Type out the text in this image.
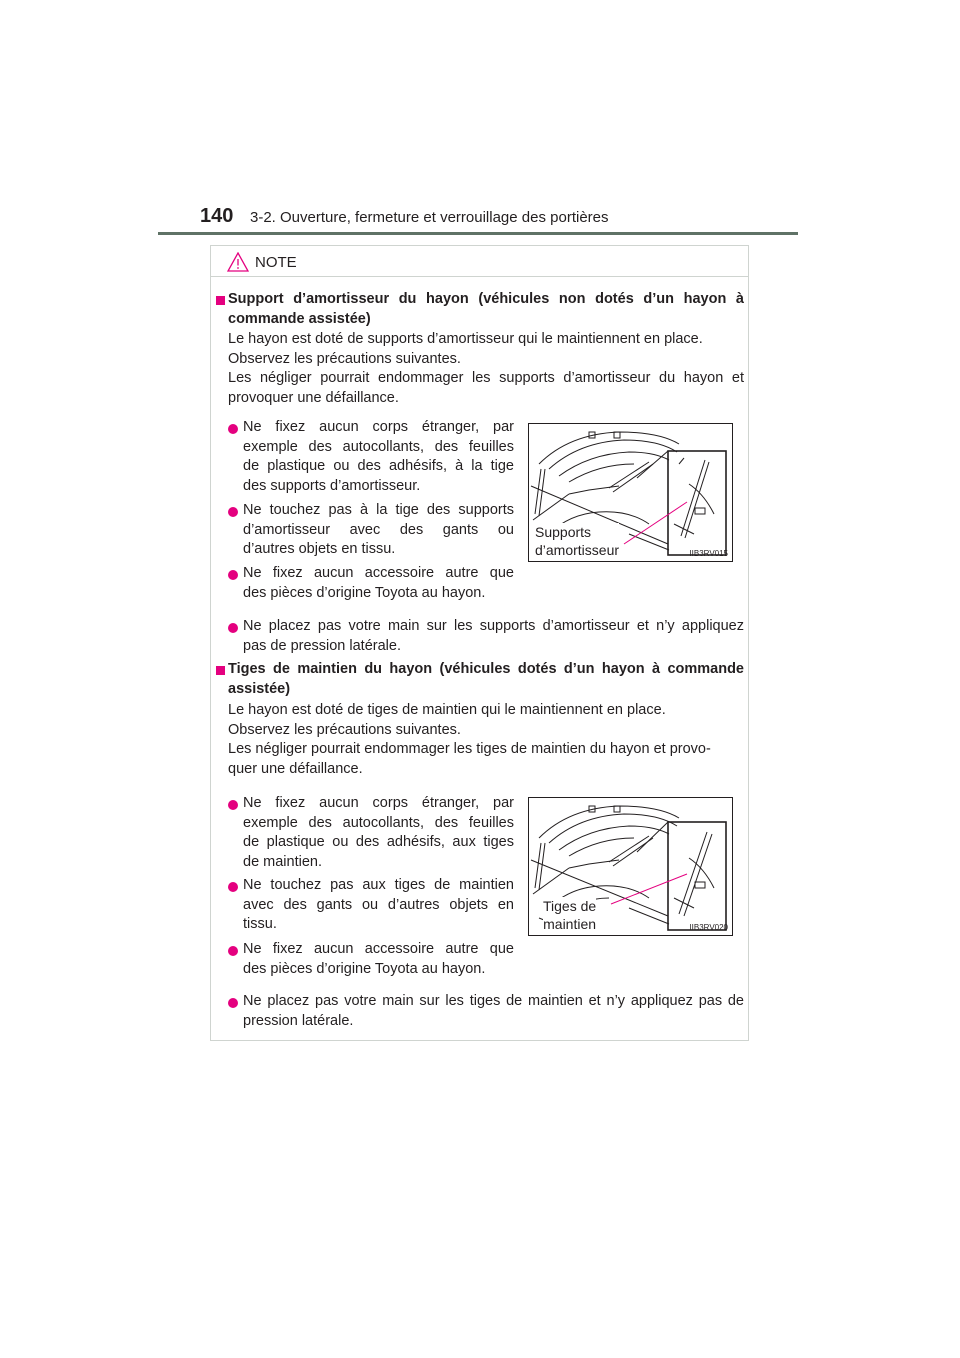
140 3-2. Ouverture, fermeture et verrouillage des portières
NOTE
Support d’amortisseur du hayon (véhicules non dotés d’un hayon à
commande assistée)
Le hayon est doté de supports d’amortisseur qui le maintiennent en place.
Observez les précautions suivantes.
Les négliger pourrait endommager les supports d’amortisseur du hayon et
provoquer une défaillance.
Ne fixez aucun corps étranger, par
exemple des autocollants, des feuilles
de plastique ou des adhésifs, à la tige
des supports d’amortisseur.
Ne touchez pas à la tige des supports
d’amortisseur avec des gants ou
d’autres objets en tissu.
Ne fixez aucun accessoire autre que
des pièces d’origine Toyota au hayon.
Supports
d’amortisseur	IIB3RV015
Ne placez pas votre main sur les supports d’amortisseur et n’y appliquez
pas de pression latérale.
Tiges de maintien du hayon (véhicules dotés d’un hayon à commande
assistée)
Le hayon est doté de tiges de maintien qui le maintiennent en place.
Observez les précautions suivantes.
Les négliger pourrait endommager les tiges de maintien du hayon et provo-
quer une défaillance.
Ne fixez aucun corps étranger, par
exemple des autocollants, des feuilles
de plastique ou des adhésifs, aux tiges
de maintien.
Ne touchez pas aux tiges de maintien
avec des gants ou d’autres objets en
tissu.
Ne fixez aucun accessoire autre que
des pièces d’origine Toyota au hayon.
Tiges de
maintien	IIB3RV020
Ne placez pas votre main sur les tiges de maintien et n’y appliquez pas de
pression latérale.
